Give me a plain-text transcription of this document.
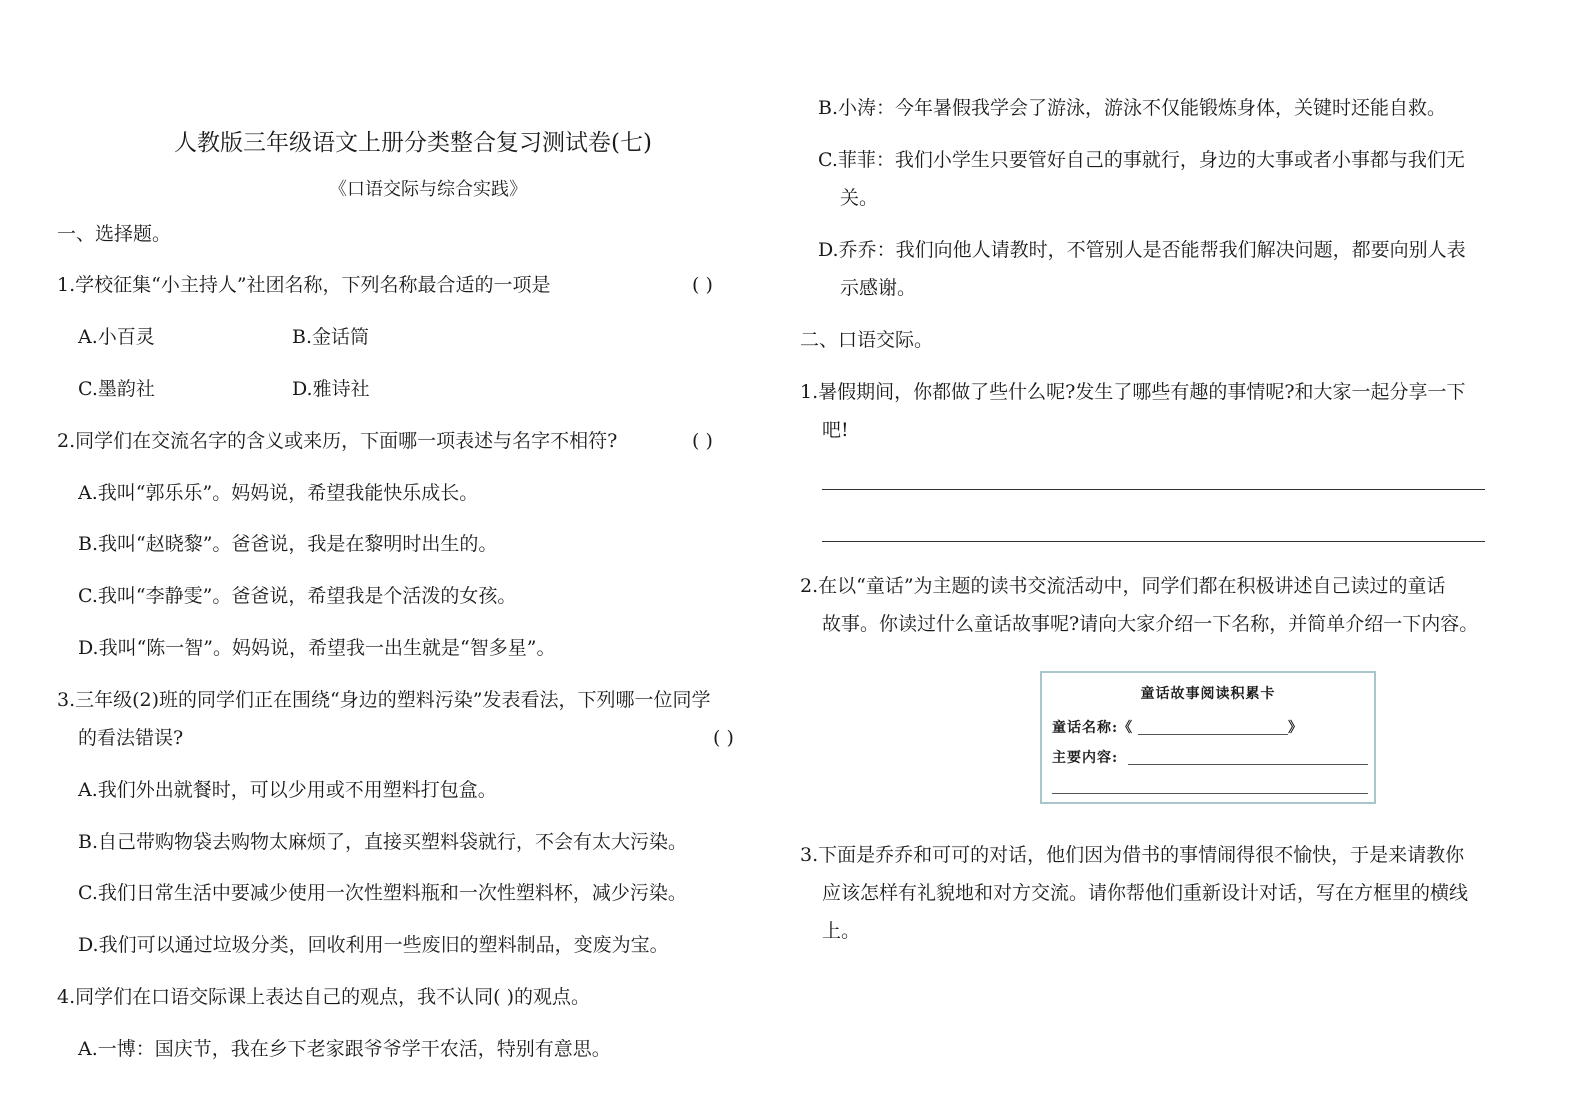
人教版三年级语文上册分类整合复习测试卷(七)
《口语交际与综合实践》
一、选择题。
1.学校征集“小主持人”社团名称，下列名称最合适的一项是	( )
A.小百灵	B.金话筒
C.墨韵社	D.雅诗社
2.同学们在交流名字的含义或来历，下面哪一项表述与名字不相符?	( )
A.我叫“郭乐乐”。妈妈说，希望我能快乐成长。
B.我叫“赵晓黎”。爸爸说，我是在黎明时出生的。
C.我叫“李静雯”。爸爸说，希望我是个活泼的女孩。
D.我叫“陈一智”。妈妈说，希望我一出生就是“智多星”。
3.三年级(2)班的同学们正在围绕“身边的塑料污染”发表看法，下列哪一位同学
的看法错误?	( )
A.我们外出就餐时，可以少用或不用塑料打包盒。
B.自己带购物袋去购物太麻烦了，直接买塑料袋就行，不会有太大污染。
C.我们日常生活中要减少使用一次性塑料瓶和一次性塑料杯，减少污染。
D.我们可以通过垃圾分类，回收利用一些废旧的塑料制品，变废为宝。
4.同学们在口语交际课上表达自己的观点，我不认同( )的观点。
A.一博：国庆节，我在乡下老家跟爷爷学干农活，特别有意思。
B.小涛：今年暑假我学会了游泳，游泳不仅能锻炼身体，关键时还能自救。
C.菲菲：我们小学生只要管好自己的事就行，身边的大事或者小事都与我们无
关。
D.乔乔：我们向他人请教时，不管别人是否能帮我们解决问题，都要向别人表
示感谢。
二、口语交际。
1.暑假期间，你都做了些什么呢?发生了哪些有趣的事情呢?和大家一起分享一下
吧!
2.在以“童话”为主题的读书交流活动中，同学们都在积极讲述自己读过的童话
故事。你读过什么童话故事呢?请向大家介绍一下名称，并简单介绍一下内容。
童话故事阅读积累卡
童话名称:《	》
主要内容:
3.下面是乔乔和可可的对话，他们因为借书的事情闹得很不愉快，于是来请教你
应该怎样有礼貌地和对方交流。请你帮他们重新设计对话，写在方框里的横线
上。
